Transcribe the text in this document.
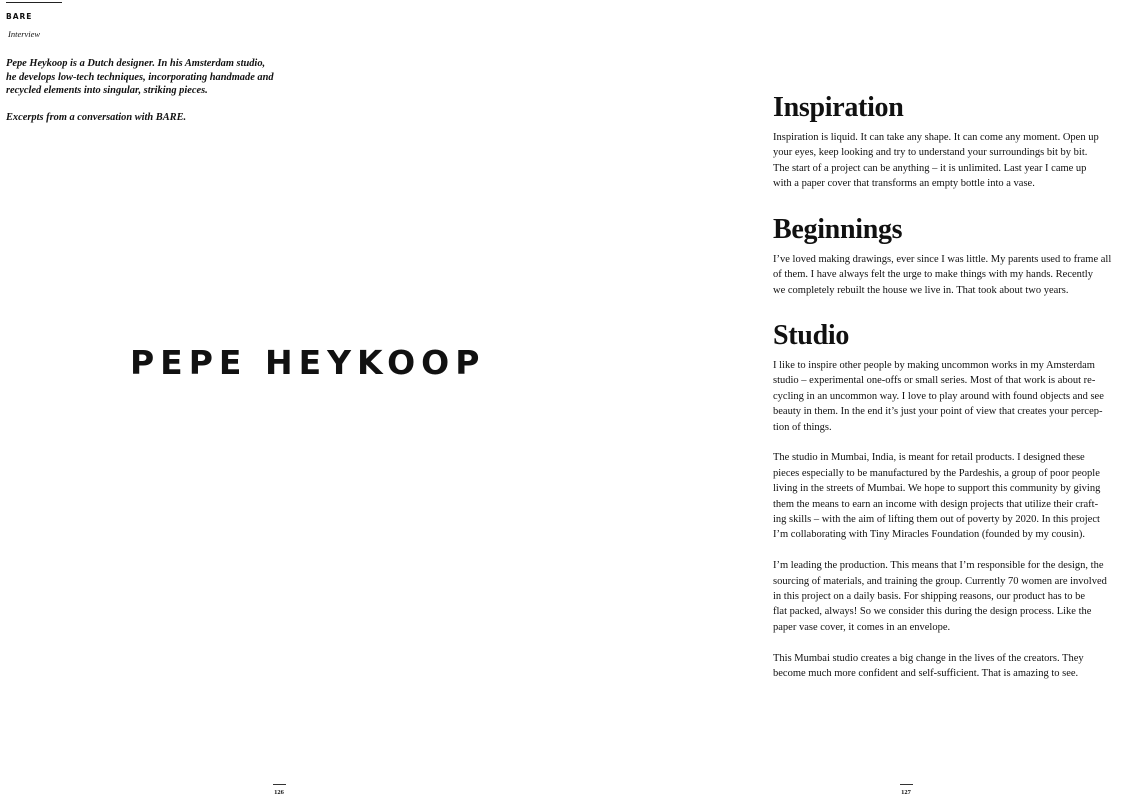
BARE Interview

Pepe Heykoop is a Dutch designer. In his Amsterdam studio,
he develops low-tech techniques, incorporating handmade and
recycled elements into singular, striking pieces.

Excerpts from a conversation with BARE.

PEPE HEYKOOP
126	127
Inspiration

Inspiration is liquid. It can take any shape. It can come any moment. Open up
your eyes, keep looking and try to understand your surroundings bit by bit.
The start of a project can be anything – it is unlimited. Last year I came up
with a paper cover that transforms an empty bottle into a vase.

Beginnings

I’ve loved making drawings, ever since I was little. My parents used to frame all
of them. I have always felt the urge to make things with my hands. Recently
we completely rebuilt the house we live in. That took about two years.

Studio

I like to inspire other people by making uncommon works in my Amsterdam
studio – experimental one-offs or small series. Most of that work is about re-
cycling in an uncommon way. I love to play around with found objects and see
beauty in them. In the end it’s just your point of view that creates your percep-
tion of things.

The studio in Mumbai, India, is meant for retail products. I designed these
pieces especially to be manufactured by the Pardeshis, a group of poor people
living in the streets of Mumbai. We hope to support this community by giving
them the means to earn an income with design projects that utilize their craft-
ing skills – with the aim of lifting them out of poverty by 2020. In this project
I’m collaborating with Tiny Miracles Foundation (founded by my cousin).

I’m leading the production. This means that I’m responsible for the design, the
sourcing of materials, and training the group. Currently 70 women are involved
in this project on a daily basis. For shipping reasons, our product has to be
flat packed, always! So we consider this during the design process. Like the
paper vase cover, it comes in an envelope.

This Mumbai studio creates a big change in the lives of the creators. They
become much more confident and self-sufficient. That is amazing to see.
